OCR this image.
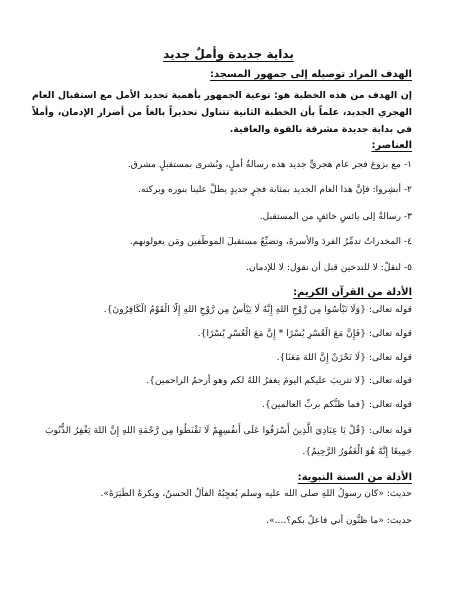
بداية جديدة وأملٌ جديد
الهدف المراد توصيله إلى جمهور المسجد:
إن الهدف من هذه الخطبة هو: توعية الجمهور بأهمية تجديد الأمل مع استقبال العام الهجري الجديد، علماً بأن الخطبة الثانية تتناول تحذيراً بالغاً من أضرار الإدمان، وأملاً في بداية جديدة مشرقة بالقوة والعافية.
العناصر:
١- مع بزوغ فجر عام هجريٍّ جديد هذه رسالةُ أملٍ، وبُشرى بمستقبلٍ مشرق.
٢- أبشِروا: فإنَّ هذا العام الجديد بمثابة فجرٍ جديدٍ يطلُّ علينا بنوره وبركته.
٣- رسالةٌ إلى يائسٍ خائفٍ من المستقبل.
٤- المخدراتُ تدمِّرُ الفردَ والأسرةَ، وتضيِّعُ مستقبلَ الموظَّفين ومَن يعولونهم.
٥- لنقلْ: لا للتدخين قبل أن نقول: لا للإدمان.
الأدلة من القرآن الكريم:
قوله تعالى: {وَلَا تَيْأَسُوا مِن رَّوْحِ اللهِ إِنَّهُ لَا يَيْأَسُ مِن رَّوْحِ اللهِ إِلَّا الْقَوْمُ الْكَافِرُونَ}.
قوله تعالى: {فَإِنَّ مَعَ الْعُسْرِ يُسْرًا * إِنَّ مَعَ الْعُسْرِ يُسْرًا}.
قوله تعالى: {لَا تَحْزَنْ إِنَّ اللهَ مَعَنَا}.
قوله تعالى: {لا تثريبَ عليكم اليومَ يغفرُ اللهُ لكم وهو أرحمُ الراحمين}.
قوله تعالى: {فما ظنُّكم بربِّ العالمين}.
قوله تعالى: {قُلْ يَا عِبَادِيَ الَّذِينَ أَسْرَفُوا عَلَى أَنفُسِهِمْ لَا تَقْنَطُوا مِن رَّحْمَةِ اللهِ إِنَّ اللهَ يَغْفِرُ الذُّنُوبَ جَمِيعًا إِنَّهُ هُوَ الْغَفُورُ الرَّحِيمُ}.
الأدلة من السنة النبوية:
حديث: «كان رسولُ اللهِ صلى الله عليه وسلم يُعجِبُهُ الفألُ الحسنُ، ويكرهُ الطِّيَرَةَ».
حديث: «ما ظنُّون أني فاعلٌ بكم؟....».
